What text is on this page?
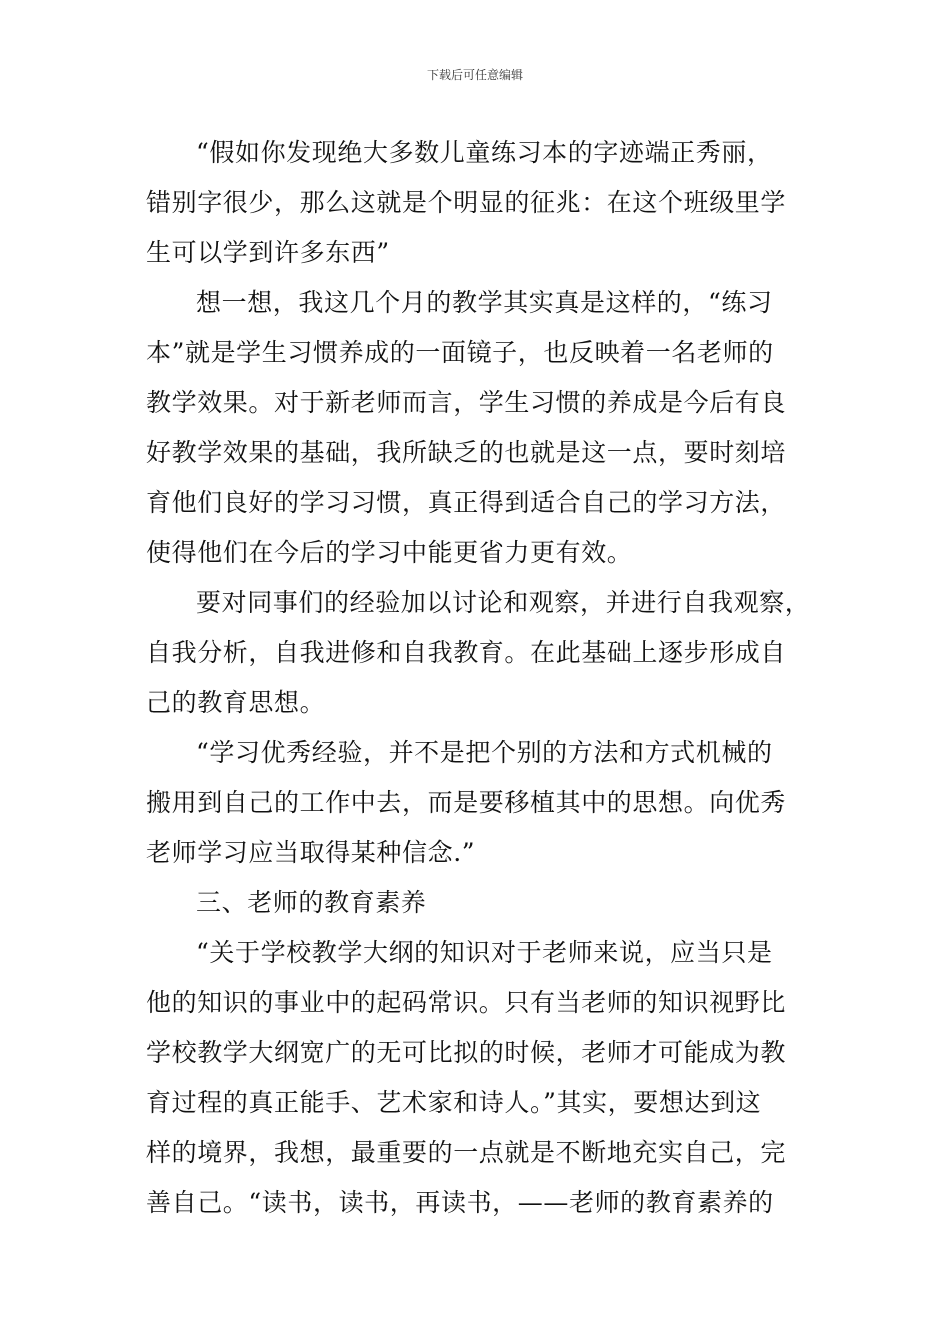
下载后可任意编辑
“假如你发现绝大多数儿童练习本的字迹端正秀丽，
错别字很少，那么这就是个明显的征兆：在这个班级里学
生可以学到许多东西”
想一想，我这几个月的教学其实真是这样的，“练习
本”就是学生习惯养成的一面镜子，也反映着一名老师的
教学效果。对于新老师而言，学生习惯的养成是今后有良
好教学效果的基础，我所缺乏的也就是这一点，要时刻培
育他们良好的学习习惯，真正得到适合自己的学习方法，
使得他们在今后的学习中能更省力更有效。
要对同事们的经验加以讨论和观察，并进行自我观察，
自我分析，自我进修和自我教育。在此基础上逐步形成自
己的教育思想。
“学习优秀经验，并不是把个别的方法和方式机械的
搬用到自己的工作中去，而是要移植其中的思想。向优秀
老师学习应当取得某种信念.”
三、老师的教育素养
“关于学校教学大纲的知识对于老师来说，应当只是
他的知识的事业中的起码常识。只有当老师的知识视野比
学校教学大纲宽广的无可比拟的时候，老师才可能成为教
育过程的真正能手、艺术家和诗人。”其实，要想达到这
样的境界，我想，最重要的一点就是不断地充实自己，完
善自己。“读书，读书，再读书，——老师的教育素养的
